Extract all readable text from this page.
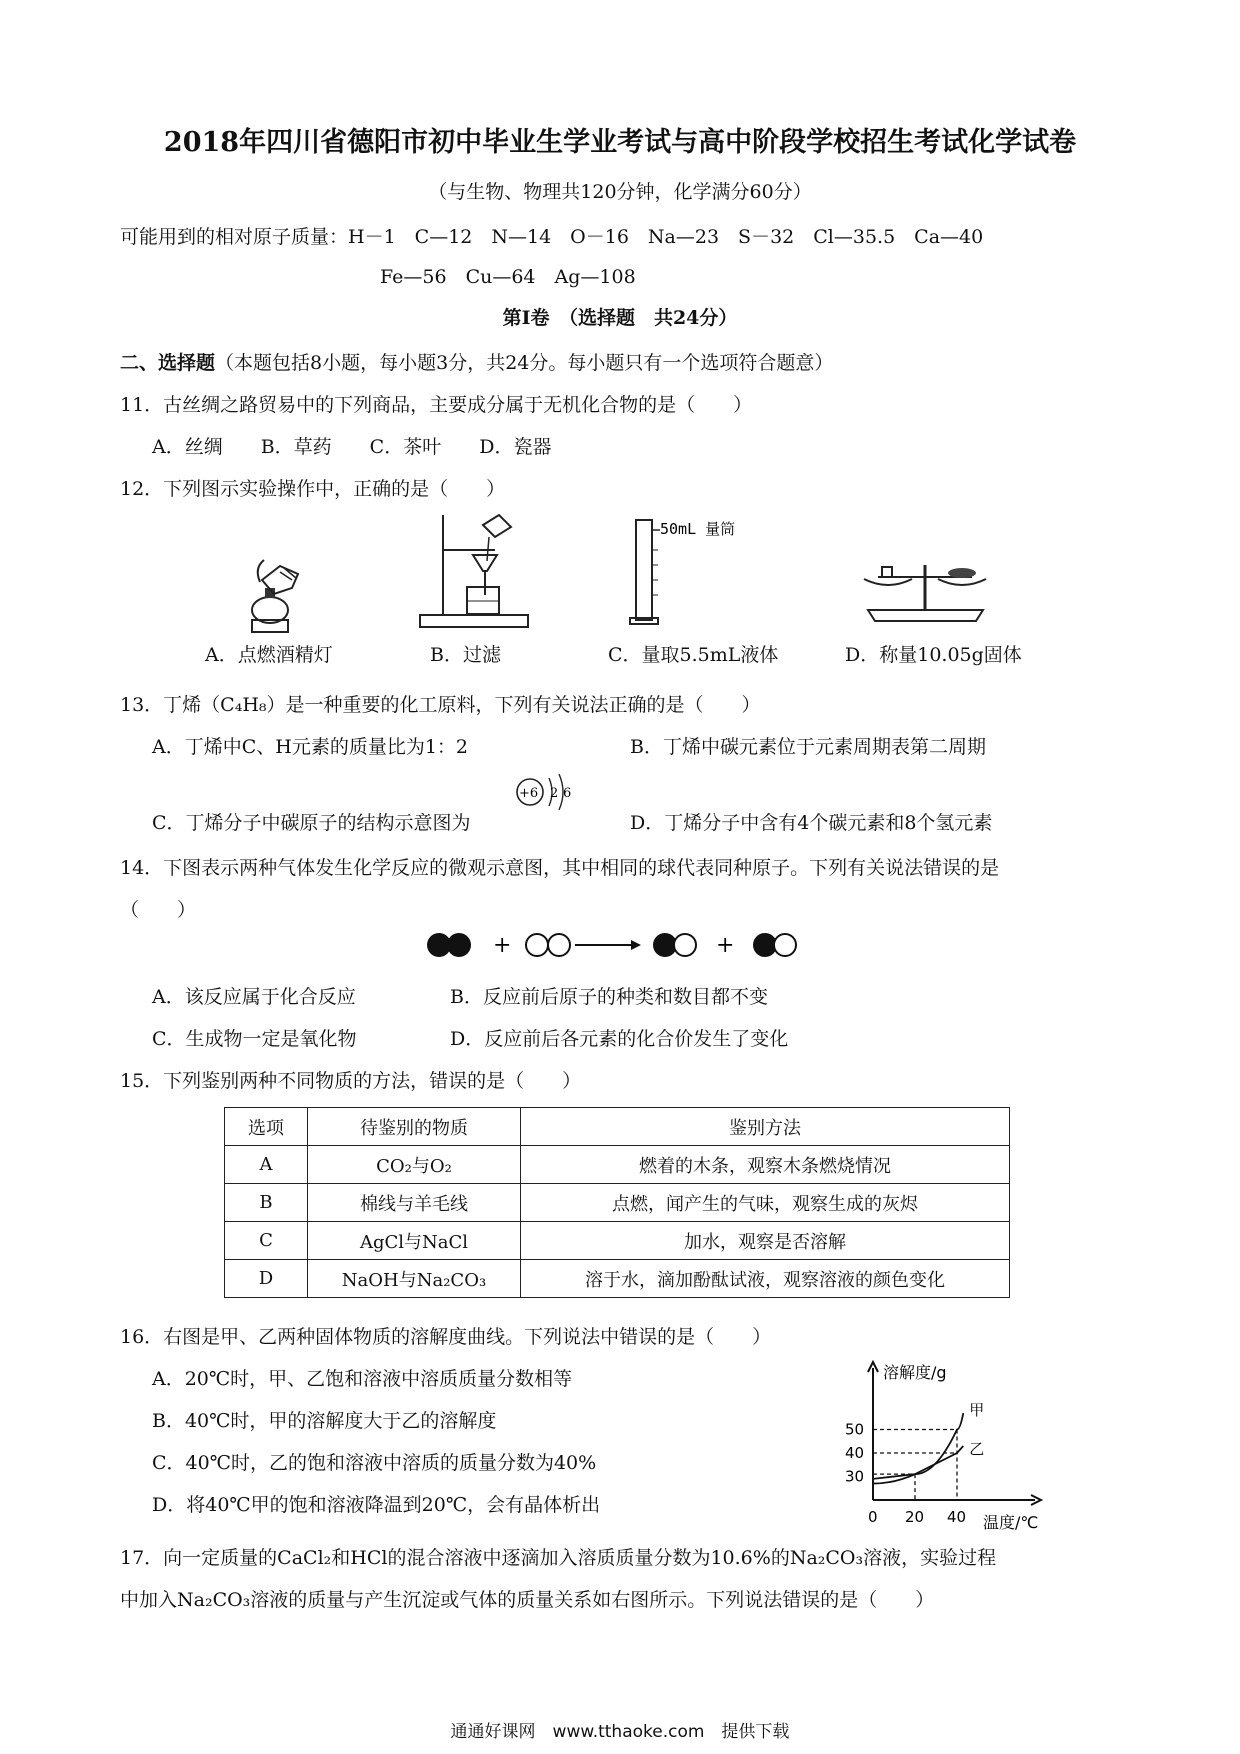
2018年四川省德阳市初中毕业生学业考试与高中阶段学校招生考试化学试卷
（与生物、物理共120分钟，化学满分60分）
可能用到的相对原子质量：H－1　C—12　N—14　O－16　Na—23　S－32　Cl—35.5　Ca—40
Fe—56　Cu—64　Ag—108
第Ⅰ卷　（选择题　共24分）
二、选择题（本题包括8小题，每小题3分，共24分。每小题只有一个选项符合题意）
11．古丝绸之路贸易中的下列商品，主要成分属于无机化合物的是（　　）
A．丝绸　　B．草药　　C．茶叶　　D．瓷器
12．下列图示实验操作中，正确的是（　　）
50mL 量筒
A．点燃酒精灯	B．过滤	C．量取5.5mL液体	D．称量10.05g固体
13．丁烯（C₄H₈）是一种重要的化工原料，下列有关说法正确的是（　　）
A．丁烯中C、H元素的质量比为1：2	B．丁烯中碳元素位于元素周期表第二周期
C．丁烯分子中碳原子的结构示意图为
+6 2 6
D．丁烯分子中含有4个碳元素和8个氢元素
14．下图表示两种气体发生化学反应的微观示意图，其中相同的球代表同种原子。下列有关说法错误的是
（　　）
+	+
A．该反应属于化合反应	B．反应前后原子的种类和数目都不变
C．生成物一定是氧化物	D．反应前后各元素的化合价发生了变化
15．下列鉴别两种不同物质的方法，错误的是（　　）
选项	待鉴别的物质	鉴别方法
A	CO₂与O₂	燃着的木条，观察木条燃烧情况
B	棉线与羊毛线	点燃，闻产生的气味，观察生成的灰烬
C	AgCl与NaCl	加水，观察是否溶解
D	NaOH与Na₂CO₃	溶于水，滴加酚酞试液，观察溶液的颜色变化
16．右图是甲、乙两种固体物质的溶解度曲线。下列说法中错误的是（　　）
A．20℃时，甲、乙饱和溶液中溶质质量分数相等
B．40℃时，甲的溶解度大于乙的溶解度
C．40℃时，乙的饱和溶液中溶质的质量分数为40%
D．将40℃甲的饱和溶液降温到20℃，会有晶体析出
溶解度/g
温度/℃
0 20 40
30
40
50
甲
乙
17．向一定质量的CaCl₂和HCl的混合溶液中逐滴加入溶质质量分数为10.6%的Na₂CO₃溶液，实验过程
中加入Na₂CO₃溶液的质量与产生沉淀或气体的质量关系如右图所示。下列说法错误的是（　　）
通通好课网　www.tthaoke.com　提供下载
